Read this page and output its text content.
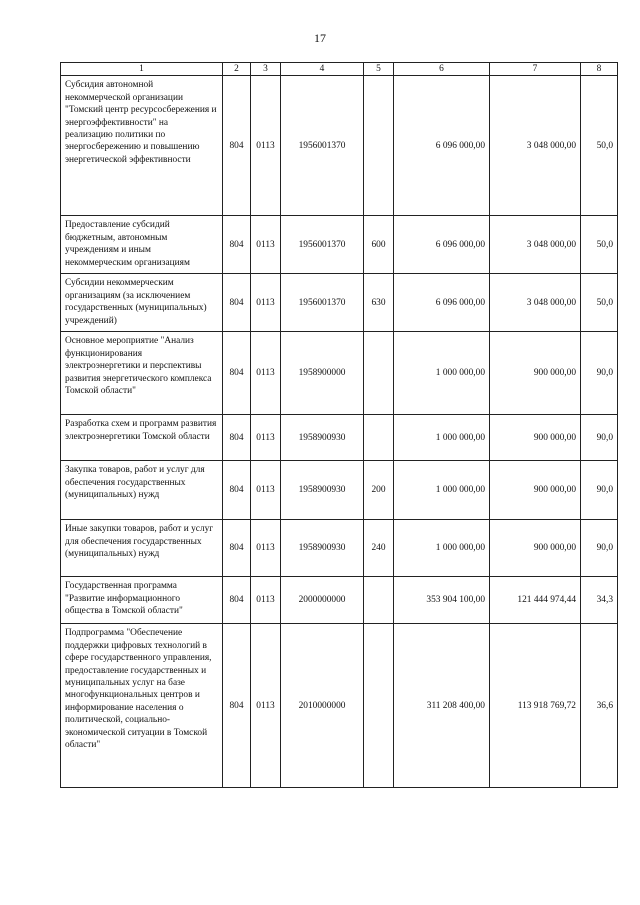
17
1	2	3	4	5	6	7	8
Субсидия автономной некоммерческой организации "Томский центр ресурсосбережения и энергоэффективности" на реализацию политики по энергосбережению и повышению энергетической эффективности	804	0113	1956001370		6 096 000,00	3 048 000,00	50,0
Предоставление субсидий бюджетным, автономным учреждениям и иным некоммерческим организациям	804	0113	1956001370	600	6 096 000,00	3 048 000,00	50,0
Субсидии некоммерческим организациям (за исключением государственных (муниципальных) учреждений)	804	0113	1956001370	630	6 096 000,00	3 048 000,00	50,0
Основное мероприятие "Анализ функционирования электроэнергетики и перспективы развития энергетического комплекса Томской области"	804	0113	1958900000		1 000 000,00	900 000,00	90,0
Разработка схем и программ развития электроэнергетики Томской области	804	0113	1958900930		1 000 000,00	900 000,00	90,0
Закупка товаров, работ и услуг для обеспечения государственных (муниципальных) нужд	804	0113	1958900930	200	1 000 000,00	900 000,00	90,0
Иные закупки товаров, работ и услуг для обеспечения государственных (муниципальных) нужд	804	0113	1958900930	240	1 000 000,00	900 000,00	90,0
Государственная программа "Развитие информационного общества в Томской области"	804	0113	2000000000		353 904 100,00	121 444 974,44	34,3
Подпрограмма "Обеспечение поддержки цифровых технологий в сфере государственного управления, предоставление государственных и муниципальных услуг на базе многофункциональных центров и информирование населения о политической, социально-экономической ситуации в Томской области"	804	0113	2010000000		311 208 400,00	113 918 769,72	36,6
